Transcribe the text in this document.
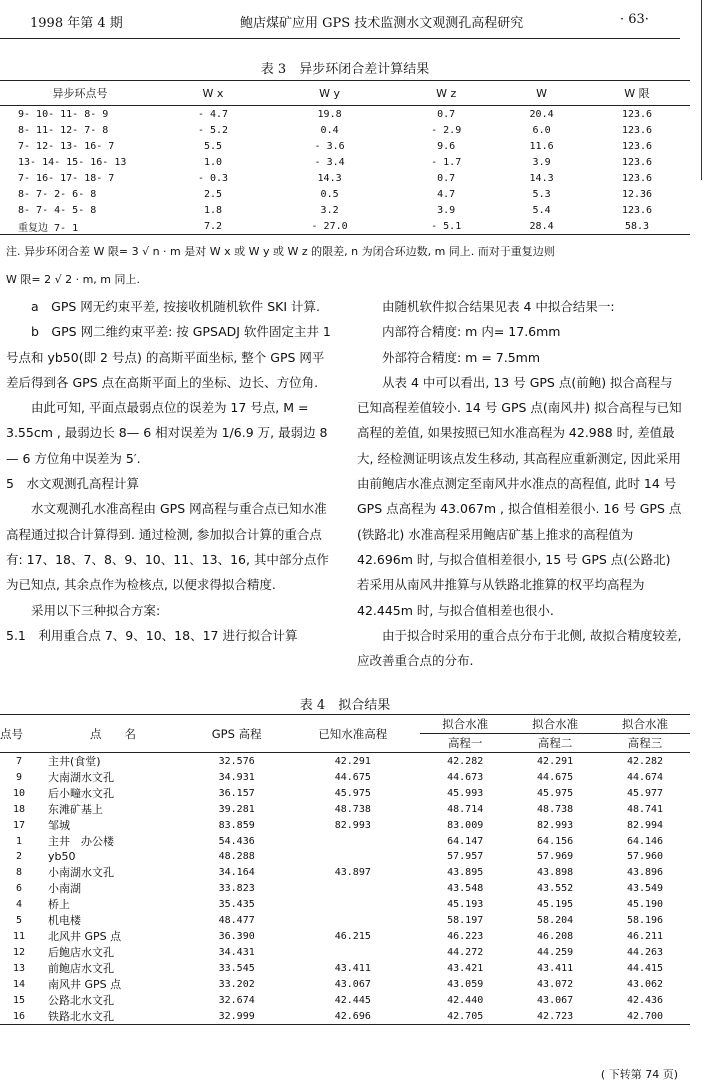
1998 年第 4 期	鲍店煤矿应用 GPS 技术监测水文观测孔高程研究	· 63·
表 3　异步环闭合差计算结果
异步环点号	W x	W y	W z	W	W 限
9- 10- 11- 8- 9	- 4.7	19.8	0.7	20.4	123.6
8- 11- 12- 7- 8	- 5.2	0.4	- 2.9	6.0	123.6
7- 12- 13- 16- 7	5.5	- 3.6	9.6	11.6	123.6
13- 14- 15- 16- 13	1.0	- 3.4	- 1.7	3.9	123.6
7- 16- 17- 18- 7	- 0.3	14.3	0.7	14.3	123.6
8- 7- 2- 6- 8	2.5	0.5	4.7	5.3	12.36
8- 7- 4- 5- 8	1.8	3.2	3.9	5.4	123.6
重复边 7- 1	7.2	- 27.0	- 5.1	28.4	58.3
注. 异步环闭合差 W 限= 3 √ n · m 是对 W x 或 W y 或 W z 的限差, n 为闭合环边数, m 同上. 而对于重复边则
W 限= 2 √ 2 · m, m 同上.

a　GPS 网无约束平差, 按接收机随机软件 SKI 计算.

b　GPS 网二维约束平差: 按 GPSADJ 软件固定主井 1 号点和 yb50(即 2 号点) 的高斯平面坐标, 整个 GPS 网平差后得到各 GPS 点在高斯平面上的坐标、边长、方位角.

由此可知, 平面点最弱点位的误差为 17 号点, M = 3.55cm , 最弱边长 8— 6 相对误差为 1/6.9 万, 最弱边 8— 6 方位角中误差为 5′.

5　水文观测孔高程计算

水文观测孔水准高程由 GPS 网高程与重合点已知水准高程通过拟合计算得到. 通过检测, 参加拟合计算的重合点有: 17、18、7、8、9、10、11、13、16, 其中部分点作为已知点, 其余点作为检核点, 以便求得拟合精度.

采用以下三种拟合方案:

5.1　利用重合点 7、9、10、18、17 进行拟合计算

由随机软件拟合结果见表 4 中拟合结果一:

内部符合精度: m 内= 17.6mm

外部符合精度: m = 7.5mm

从表 4 中可以看出, 13 号 GPS 点(前鲍) 拟合高程与已知高程差值较小. 14 号 GPS 点(南风井) 拟合高程与已知高程的差值, 如果按照已知水准高程为 42.988 时, 差值最大, 经检测证明该点发生移动, 其高程应重新测定, 因此采用由前鲍店水准点测定至南风井水准点的高程值, 此时 14 号 GPS 点高程为 43.067m , 拟合值相差很小. 16 号 GPS 点(铁路北) 水准高程采用鲍店矿基上推求的高程值为 42.696m 时, 与拟合值相差很小, 15 号 GPS 点(公路北) 若采用从南风井推算与从铁路北推算的权平均高程为 42.445m 时, 与拟合值相差也很小.

由于拟合时采用的重合点分布于北侧, 故拟合精度较差, 应改善重合点的分布.

表 4　拟合结果
点号	点　　名	GPS 高程	已知水准高程	拟合水准	拟合水准	拟合水准
				高程一	高程二	高程三
7	主井(食堂)	32.576	42.291	42.282	42.291	42.282
9	大南湖水文孔	34.931	44.675	44.673	44.675	44.674
10	后小疃水文孔	36.157	45.975	45.993	45.975	45.977
18	东滩矿基上	39.281	48.738	48.714	48.738	48.741
17	邹城	83.859	82.993	83.009	82.993	82.994
1	主井　办公楼	54.436		64.147	64.156	64.146
2	yb50	48.288		57.957	57.969	57.960
8	小南湖水文孔	34.164	43.897	43.895	43.898	43.896
6	小南湖	33.823		43.548	43.552	43.549
4	桥上	35.435		45.193	45.195	45.190
5	机电楼	48.477		58.197	58.204	58.196
11	北风井 GPS 点	36.390	46.215	46.223	46.208	46.211
12	后鲍店水文孔	34.431		44.272	44.259	44.263
13	前鲍店水文孔	33.545	43.411	43.421	43.411	44.415
14	南风井 GPS 点	33.202	43.067	43.059	43.072	43.062
15	公路北水文孔	32.674	42.445	42.440	43.067	42.436
16	铁路北水文孔	32.999	42.696	42.705	42.723	42.700
( 下转第 74 页)
